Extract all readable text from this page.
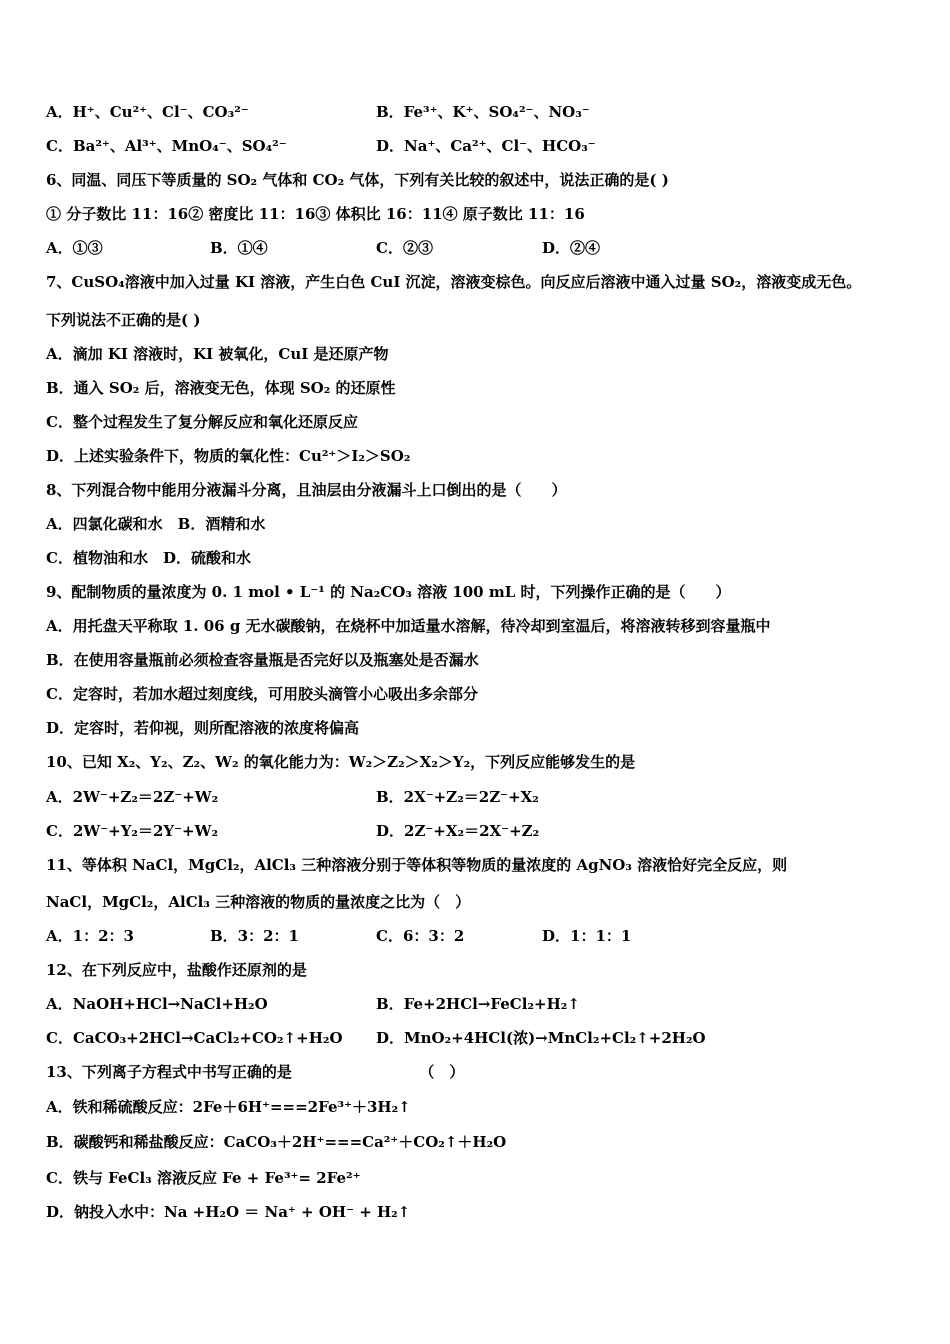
A．H⁺、Cu²⁺、Cl⁻、CO₃²⁻	B．Fe³⁺、K⁺、SO₄²⁻、NO₃⁻
C．Ba²⁺、Al³⁺、MnO₄⁻、SO₄²⁻	D．Na⁺、Ca²⁺、Cl⁻、HCO₃⁻
6、同温、同压下等质量的 SO₂ 气体和 CO₂ 气体，下列有关比较的叙述中，说法正确的是( )
① 分子数比 11：16② 密度比 11：16③ 体积比 16：11④ 原子数比 11：16
A．①③	B．①④	C．②③	D．②④
7、CuSO₄溶液中加入过量 KI 溶液，产生白色 CuI 沉淀，溶液变棕色。向反应后溶液中通入过量 SO₂，溶液变成无色。
下列说法不正确的是( )
A．滴加 KI 溶液时，KI 被氧化，CuI 是还原产物
B．通入 SO₂ 后，溶液变无色，体现 SO₂ 的还原性
C．整个过程发生了复分解反应和氧化还原反应
D．上述实验条件下，物质的氧化性：Cu²⁺＞I₂＞SO₂
8、下列混合物中能用分液漏斗分离，且油层由分液漏斗上口倒出的是（　　）
A．四氯化碳和水　B．酒精和水
C．植物油和水　D．硫酸和水
9、配制物质的量浓度为 0. 1 mol • L⁻¹ 的 Na₂CO₃ 溶液 100 mL 时，下列操作正确的是（　　）
A．用托盘天平称取 1. 06 g 无水碳酸钠，在烧杯中加适量水溶解，待冷却到室温后，将溶液转移到容量瓶中
B．在使用容量瓶前必须检查容量瓶是否完好以及瓶塞处是否漏水
C．定容时，若加水超过刻度线，可用胶头滴管小心吸出多余部分
D．定容时，若仰视，则所配溶液的浓度将偏高
10、已知 X₂、Y₂、Z₂、W₂ 的氧化能力为：W₂＞Z₂＞X₂＞Y₂，下列反应能够发生的是
A．2W⁻+Z₂＝2Z⁻+W₂	B．2X⁻+Z₂＝2Z⁻+X₂
C．2W⁻+Y₂＝2Y⁻+W₂	D．2Z⁻+X₂＝2X⁻+Z₂
11、等体积 NaCl，MgCl₂，AlCl₃ 三种溶液分别于等体积等物质的量浓度的 AgNO₃ 溶液恰好完全反应，则
NaCl，MgCl₂，AlCl₃ 三种溶液的物质的量浓度之比为（　）
A．1：2：3	B．3：2：1	C．6：3：2	D．1：1：1
12、在下列反应中，盐酸作还原剂的是
A．NaOH+HCl→NaCl+H₂O	B．Fe+2HCl→FeCl₂+H₂↑
C．CaCO₃+2HCl→CaCl₂+CO₂↑+H₂O D．MnO₂+4HCl(浓)→MnCl₂+Cl₂↑+2H₂O
13、下列离子方程式中书写正确的是　　　　　　　　　（　）
A．铁和稀硫酸反应：2Fe＋6H⁺===2Fe³⁺＋3H₂↑
B．碳酸钙和稀盐酸反应：CaCO₃＋2H⁺===Ca²⁺＋CO₂↑＋H₂O
C．铁与 FeCl₃ 溶液反应 Fe + Fe³⁺= 2Fe²⁺
D．钠投入水中：Na +H₂O ＝ Na⁺ + OH⁻ + H₂↑
